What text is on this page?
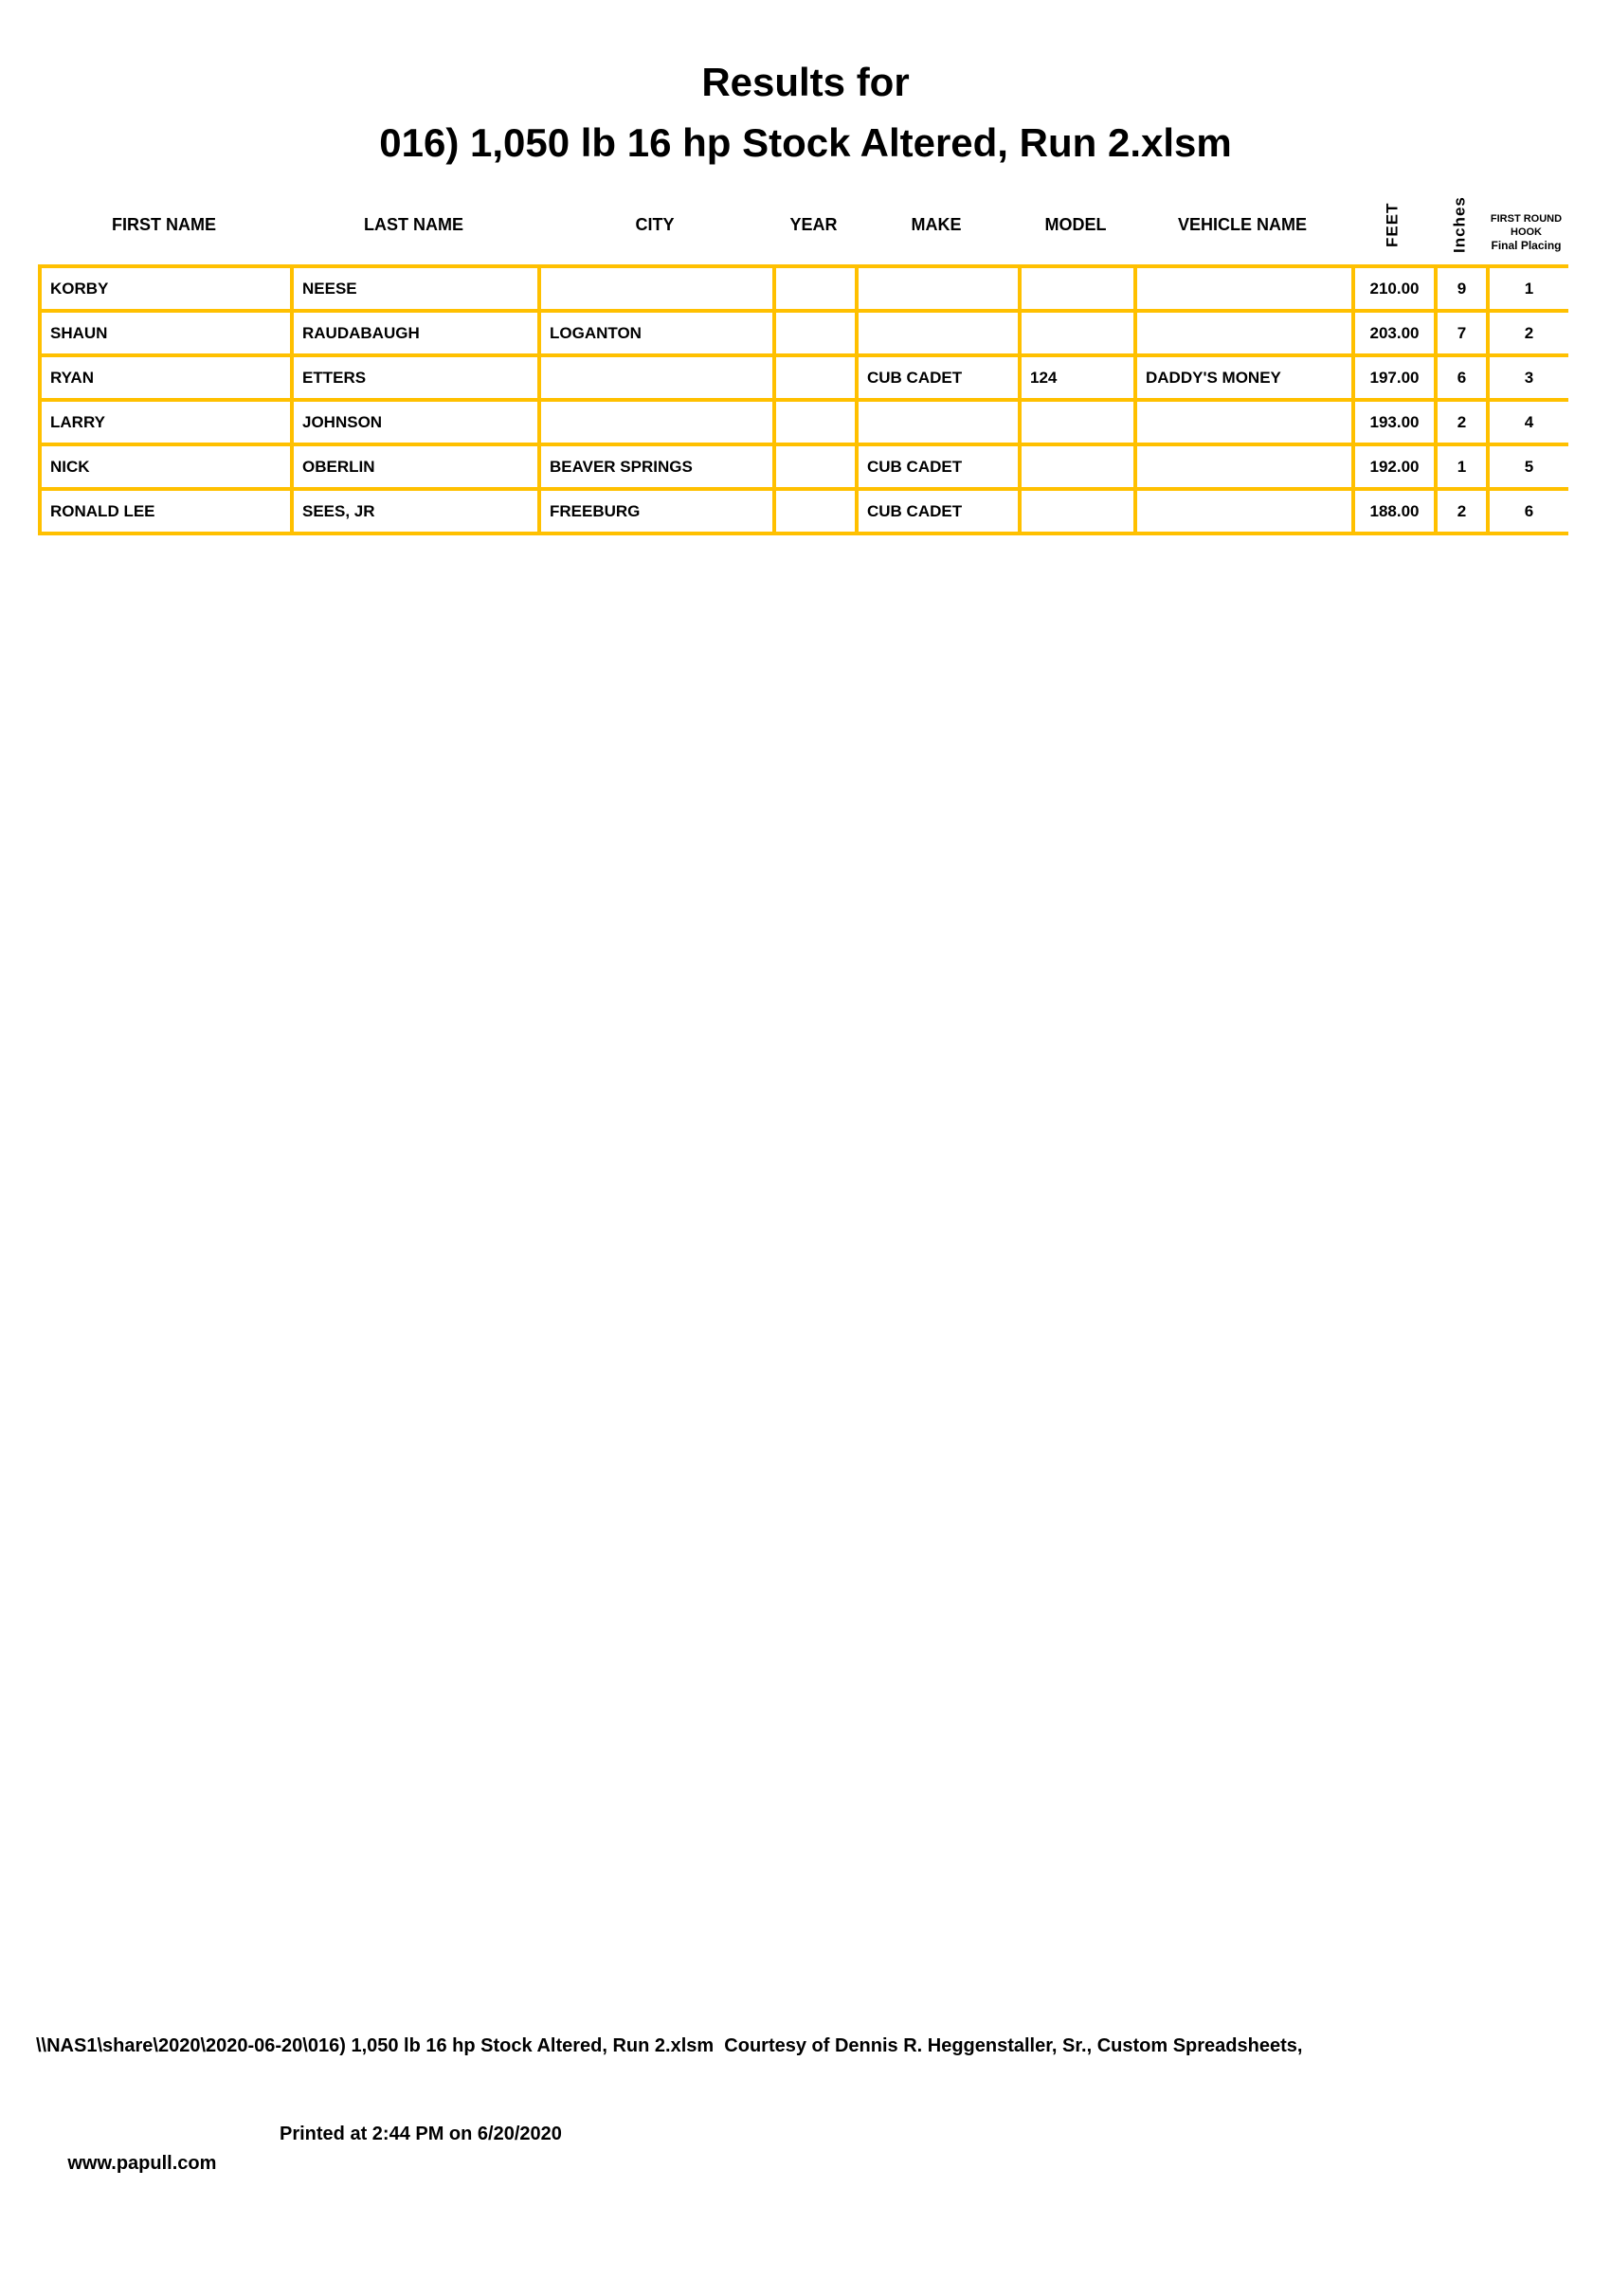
Results for
016) 1,050 lb 16 hp Stock Altered, Run 2.xlsm
FIRST NAME	LAST NAME	CITY	YEAR	MAKE	MODEL	VEHICLE NAME	FEET	Inches	FIRST ROUND
HOOK
Final Placing
KORBY	NEESE						210.00	9	1
SHAUN	RAUDABAUGH	LOGANTON					203.00	7	2
RYAN	ETTERS			CUB CADET	124	DADDY'S MONEY	197.00	6	3
LARRY	JOHNSON						193.00	2	4
NICK	OBERLIN	BEAVER SPRINGS		CUB CADET			192.00	1	5
RONALD LEE	SEES, JR	FREEBURG		CUB CADET			188.00	2	6

\\NAS1\share\2020\2020-06-20\016) 1,050 lb 16 hp Stock Altered, Run 2.xlsm  Courtesy of Dennis R. Heggenstaller, Sr., Custom Spreadsheets,

www.papull.com

Printed at 2:44 PM on 6/20/2020
